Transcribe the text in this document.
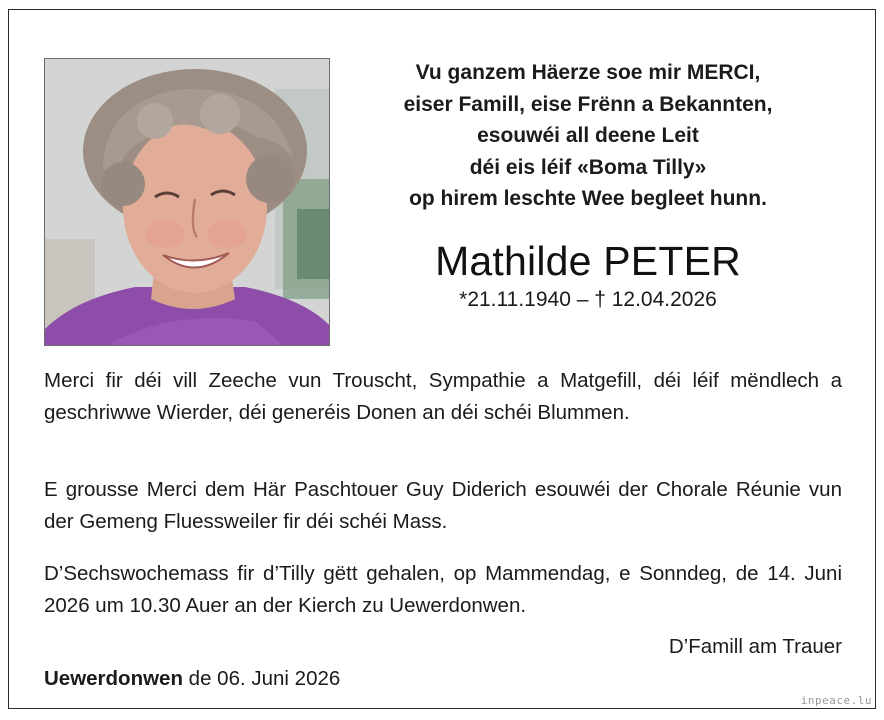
Vu ganzem Häerze soe mir MERCI,
eiser Famill, eise Frënn a Bekannten,
esouwéi all deene Leit
déi eis léif «Boma Tilly»
op hirem leschte Wee begleet hunn.
Mathilde PETER
*21.11.1940 – † 12.04.2026
Merci fir déi vill Zeeche vun Trouscht, Sympathie a Matgefill, déi léif mëndlech a geschriwwe Wierder, déi generéis Donen an déi schéi Blummen.
E grousse Merci dem Här Paschtouer Guy Diderich esouwéi der Chorale Réunie vun der Gemeng Fluessweiler fir déi schéi Mass.
D’Sechswochemass fir d’Tilly gëtt gehalen, op Mammendag, e Sonndeg, de 14. Juni 2026 um 10.30 Auer an der Kierch zu Uewerdonwen.
D’Famill am Trauer
Uewerdonwen de 06. Juni 2026
inpeace.lu
